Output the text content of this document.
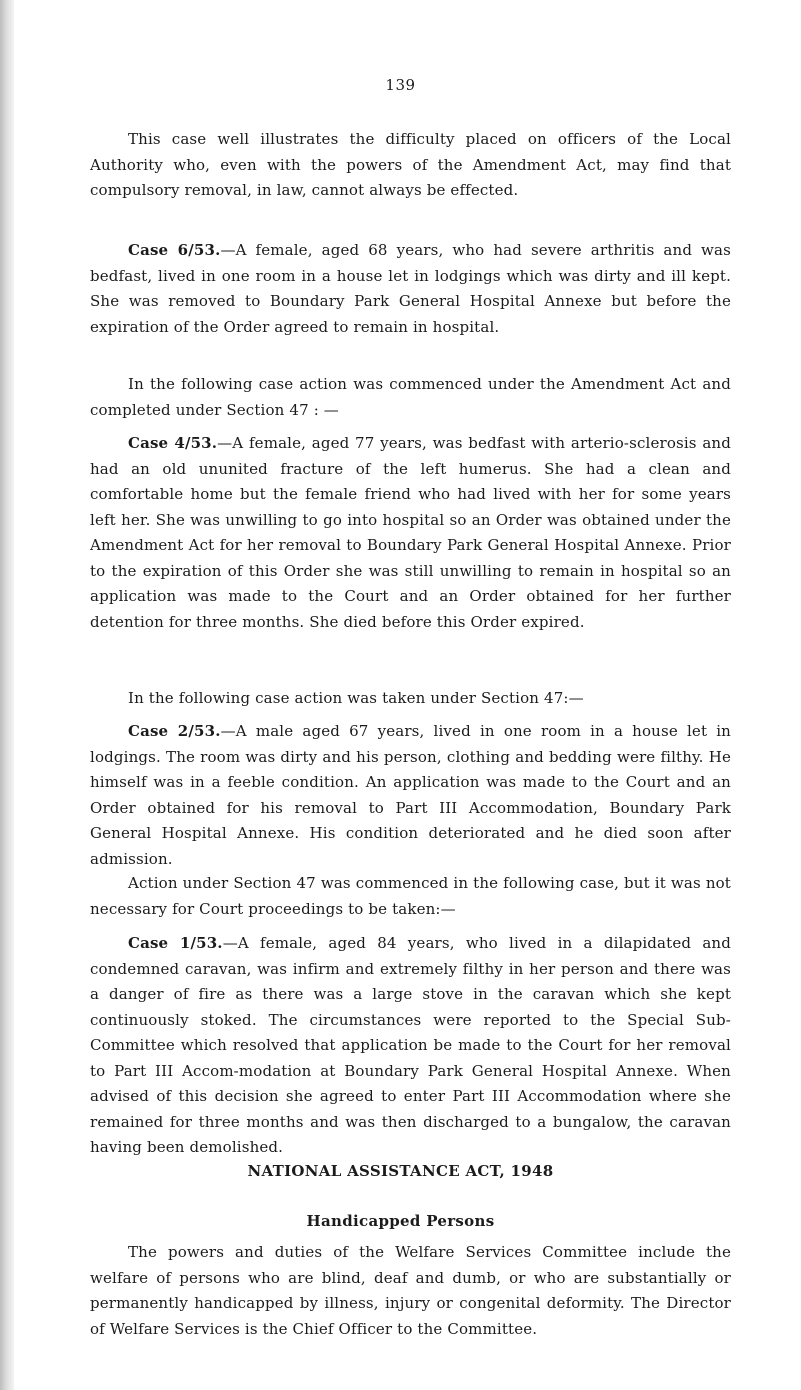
139

This case well illustrates the difficulty placed on officers of the Local Authority who, even with the powers of the Amendment Act, may find that compulsory removal, in law, cannot always be effected.

Case 6/53.—A female, aged 68 years, who had severe arthritis and was bedfast, lived in one room in a house let in lodgings which was dirty and ill kept. She was removed to Boundary Park General Hospital Annexe but before the expiration of the Order agreed to remain in hospital.

In the following case action was commenced under the Amendment Act and completed under Section 47 : —

Case 4/53.—A female, aged 77 years, was bedfast with arterio-sclerosis and had an old ununited fracture of the left humerus. She had a clean and comfortable home but the female friend who had lived with her for some years left her. She was unwilling to go into hospital so an Order was obtained under the Amendment Act for her removal to Boundary Park General Hospital Annexe. Prior to the expiration of this Order she was still unwilling to remain in hospital so an application was made to the Court and an Order obtained for her further detention for three months. She died before this Order expired.

In the following case action was taken under Section 47:—

Case 2/53.—A male aged 67 years, lived in one room in a house let in lodgings. The room was dirty and his person, clothing and bedding were filthy. He himself was in a feeble condition. An application was made to the Court and an Order obtained for his removal to Part III Accommodation, Boundary Park General Hospital Annexe. His condition deteriorated and he died soon after admission.

Action under Section 47 was commenced in the following case, but it was not necessary for Court proceedings to be taken:—

Case 1/53.—A female, aged 84 years, who lived in a dilapidated and condemned caravan, was infirm and extremely filthy in her person and there was a danger of fire as there was a large stove in the caravan which she kept continuously stoked. The circumstances were reported to the Special Sub-Committee which resolved that application be made to the Court for her removal to Part III Accom-modation at Boundary Park General Hospital Annexe. When advised of this decision she agreed to enter Part III Accommodation where she remained for three months and was then discharged to a bungalow, the caravan having been demolished.

NATIONAL ASSISTANCE ACT, 1948
Handicapped Persons

The powers and duties of the Welfare Services Committee include the welfare of persons who are blind, deaf and dumb, or who are substantially or permanently handicapped by illness, injury or congenital deformity. The Director of Welfare Services is the Chief Officer to the Committee.
